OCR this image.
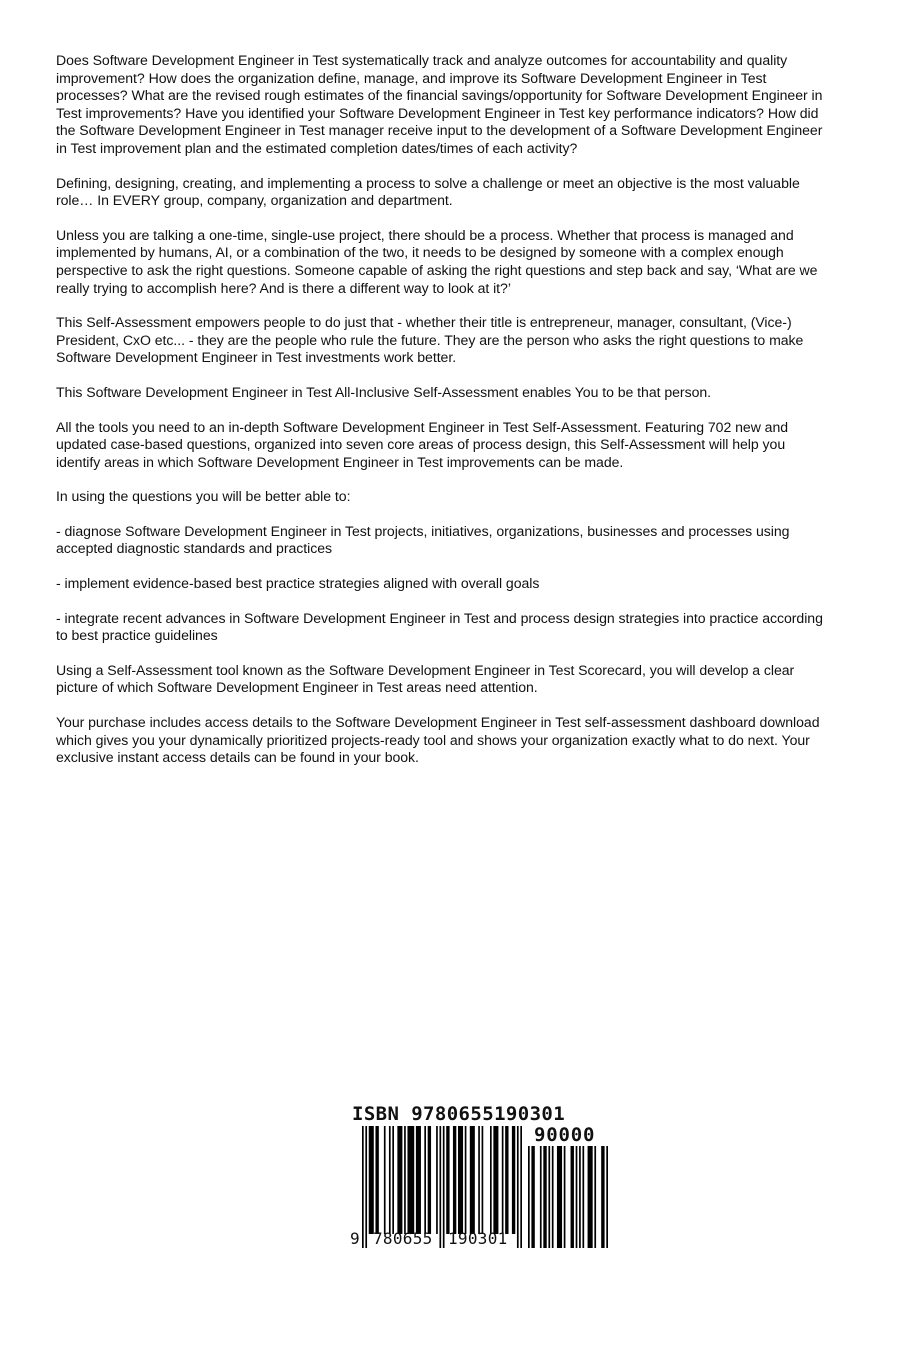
Does Software Development Engineer in Test systematically track and analyze outcomes for accountability and quality improvement? How does the organization define, manage, and improve its Software Development Engineer in Test processes? What are the revised rough estimates of the financial savings/opportunity for Software Development Engineer in Test improvements? Have you identified your Software Development Engineer in Test key performance indicators? How did the Software Development Engineer in Test manager receive input to the development of a Software Development Engineer in Test improvement plan and the estimated completion dates/times of each activity?

Defining, designing, creating, and implementing a process to solve a challenge or meet an objective is the most valuable role… In EVERY group, company, organization and department.

Unless you are talking a one-time, single-use project, there should be a process. Whether that process is managed and implemented by humans, AI, or a combination of the two, it needs to be designed by someone with a complex enough perspective to ask the right questions. Someone capable of asking the right questions and step back and say, ‘What are we really trying to accomplish here? And is there a different way to look at it?’

This Self-Assessment empowers people to do just that - whether their title is entrepreneur, manager, consultant, (Vice-) President, CxO etc... - they are the people who rule the future. They are the person who asks the right questions to make Software Development Engineer in Test investments work better.

This Software Development Engineer in Test All-Inclusive Self-Assessment enables You to be that person.

All the tools you need to an in-depth Software Development Engineer in Test Self-Assessment. Featuring 702 new and updated case-based questions, organized into seven core areas of process design, this Self-Assessment will help you identify areas in which Software Development Engineer in Test improvements can be made.

In using the questions you will be better able to:

- diagnose Software Development Engineer in Test projects, initiatives, organizations, businesses and processes using accepted diagnostic standards and practices

- implement evidence-based best practice strategies aligned with overall goals

- integrate recent advances in Software Development Engineer in Test and process design strategies into practice according to best practice guidelines

Using a Self-Assessment tool known as the Software Development Engineer in Test Scorecard, you will develop a clear picture of which Software Development Engineer in Test areas need attention.

Your purchase includes access details to the Software Development Engineer in Test self-assessment dashboard download which gives you your dynamically prioritized projects-ready tool and shows your organization exactly what to do next. Your exclusive instant access details can be found in your book.

ISBN 9780655190301
90000
9 780655 190301
